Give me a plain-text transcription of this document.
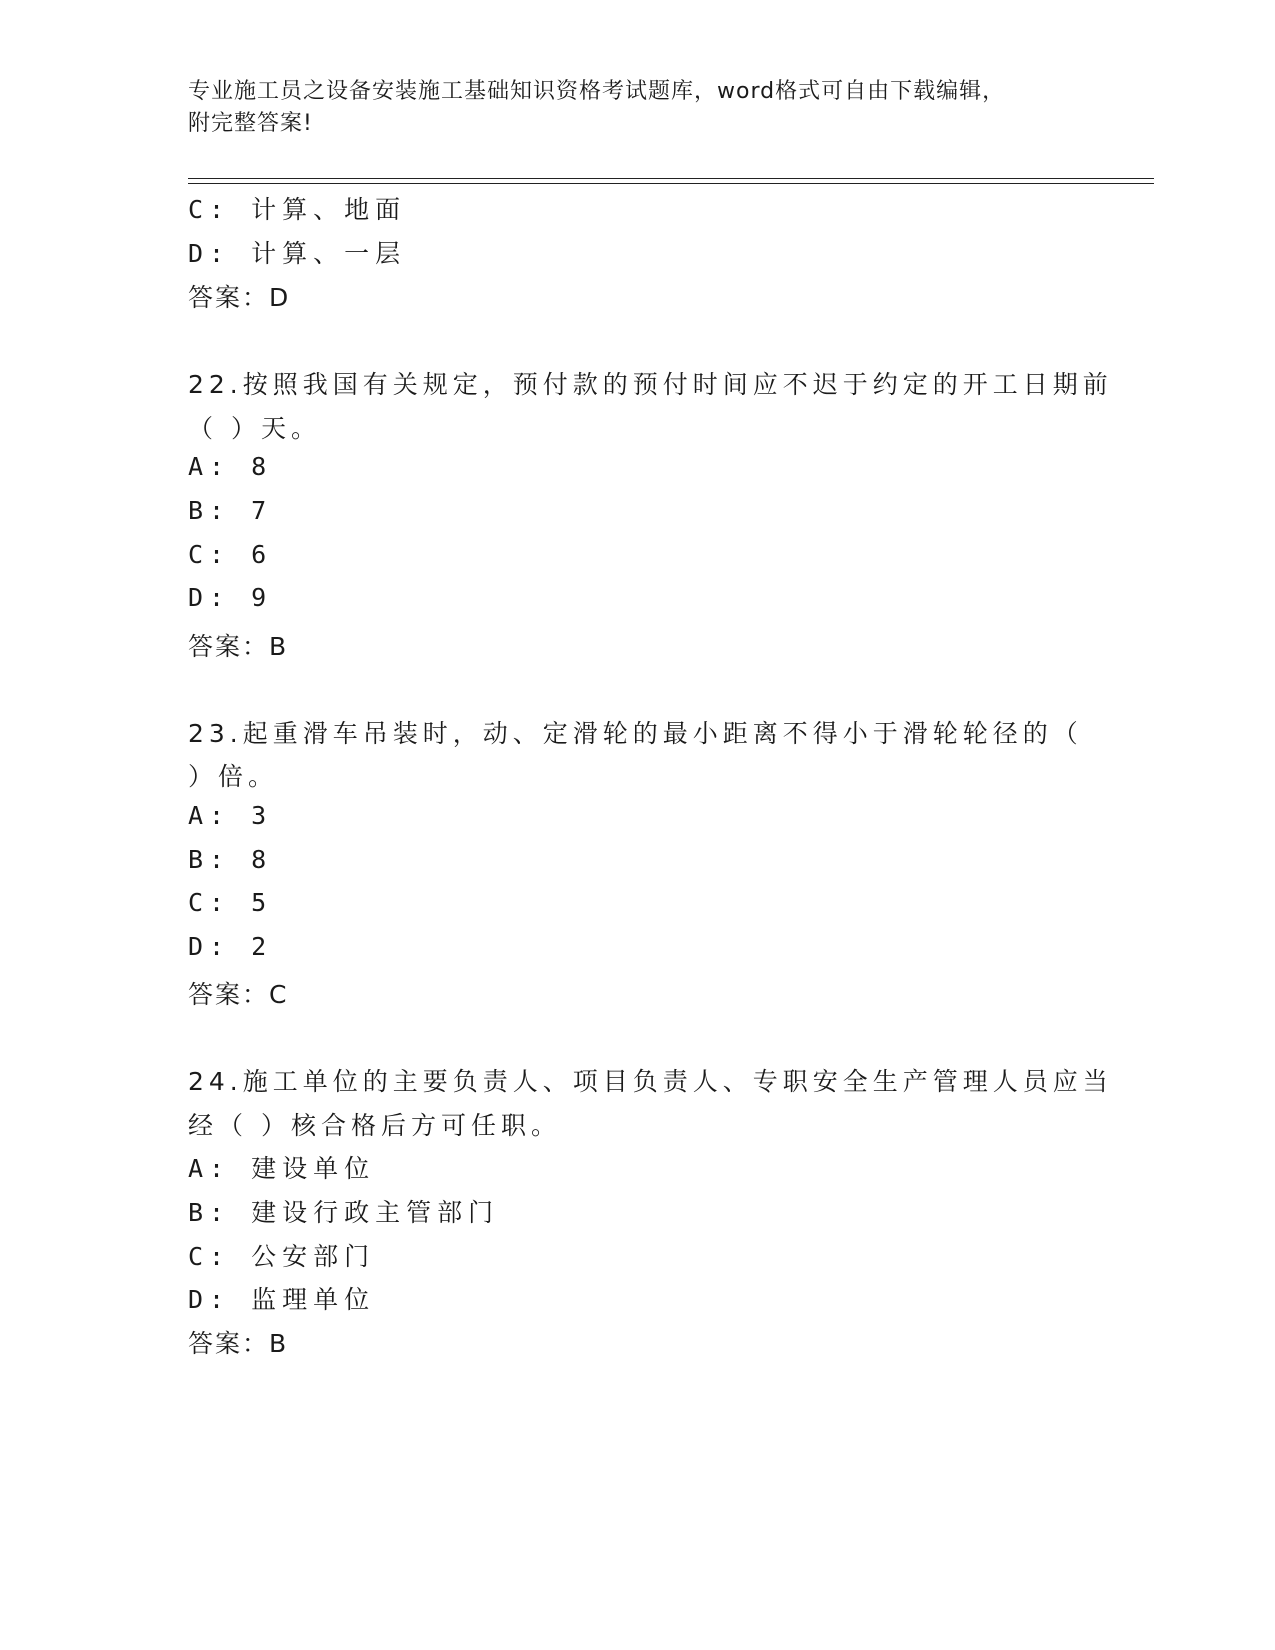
专业施工员之设备安装施工基础知识资格考试题库，word格式可自由下载编辑，
附完整答案!
C: 计算、地面
D: 计算、一层
答案：D
22.按照我国有关规定，预付款的预付时间应不迟于约定的开工日期前
（ ）天。
A: 8
B: 7
C: 6
D: 9
答案：B
23.起重滑车吊装时，动、定滑轮的最小距离不得小于滑轮轮径的（
）倍。
A: 3
B: 8
C: 5
D: 2
答案：C
24.施工单位的主要负责人、项目负责人、专职安全生产管理人员应当
经（ ）核合格后方可任职。
A: 建设单位
B: 建设行政主管部门
C: 公安部门
D: 监理单位
答案：B
